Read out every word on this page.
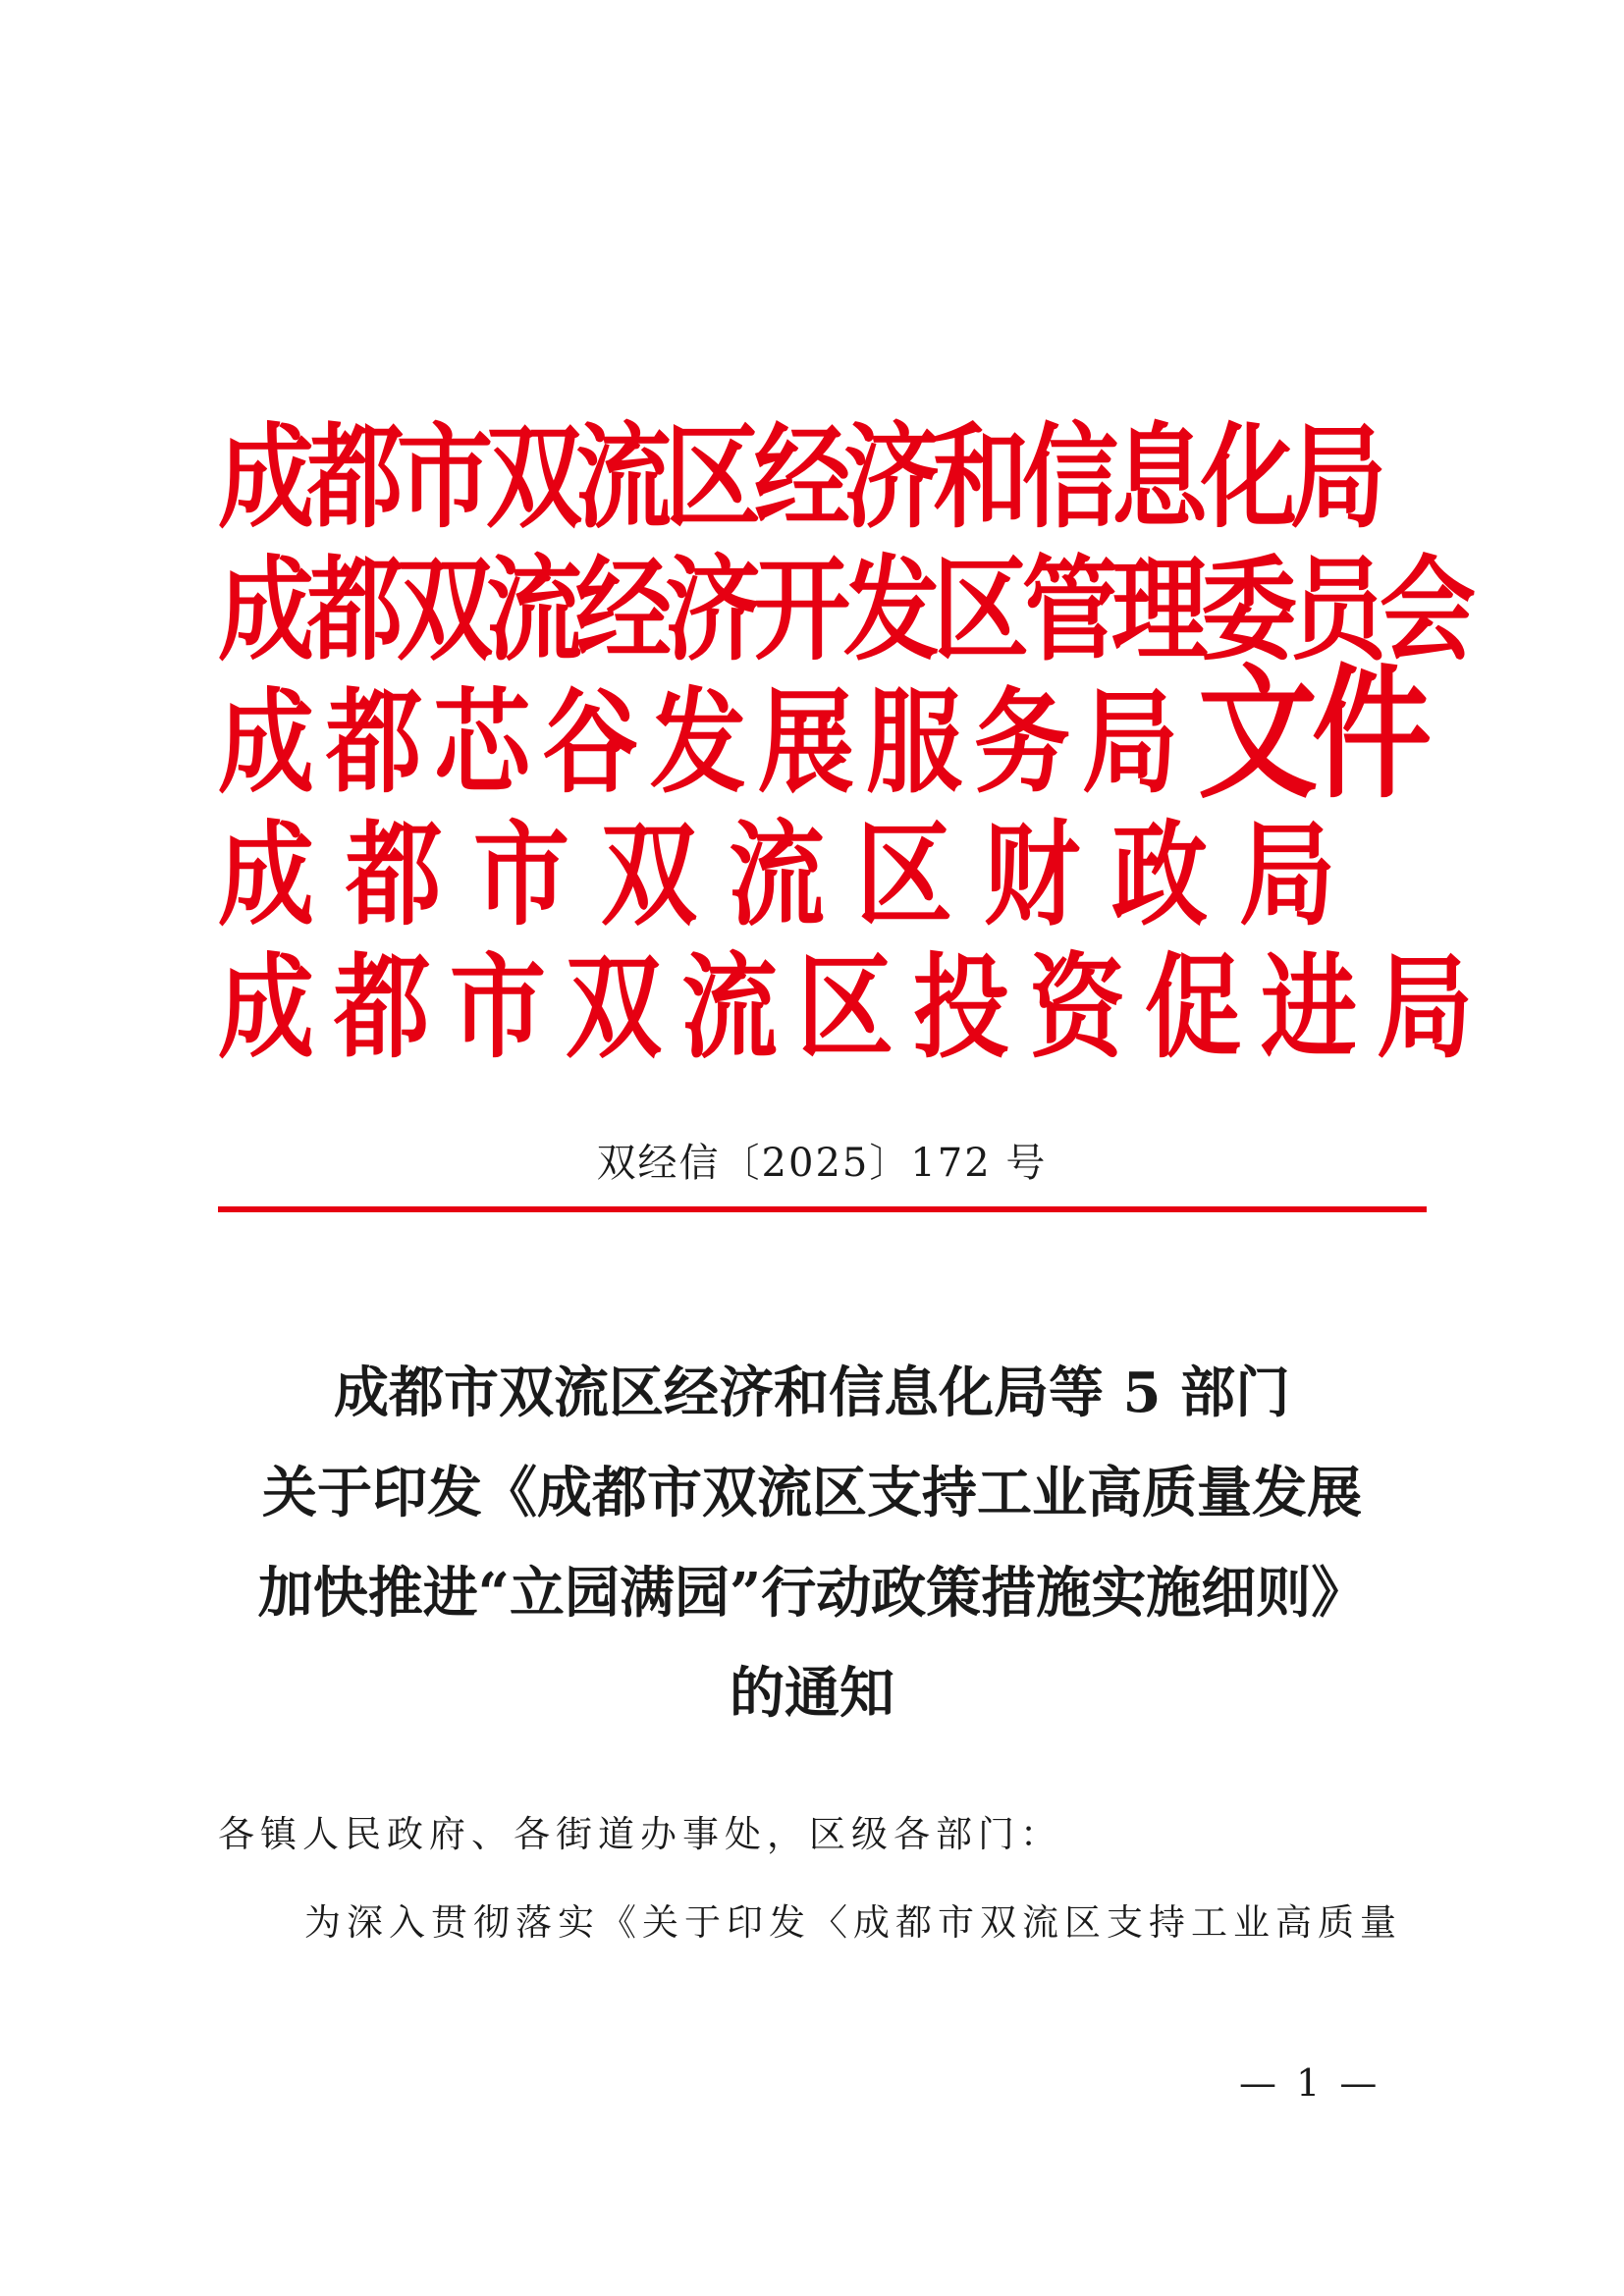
成都市双流区经济和信息化局
成都双流经济开发区管理委员会
成都芯谷发展服务局
成都市双流区财政局
成都市双流区投资促进局
文件
双经信〔2025〕172 号
成都市双流区经济和信息化局等 5 部门
关于印发《成都市双流区支持工业高质量发展
加快推进“立园满园”行动政策措施实施细则》
的通知
各镇人民政府、各街道办事处，区级各部门：
为深入贯彻落实《关于印发〈成都市双流区支持工业高质量
— 1 —
